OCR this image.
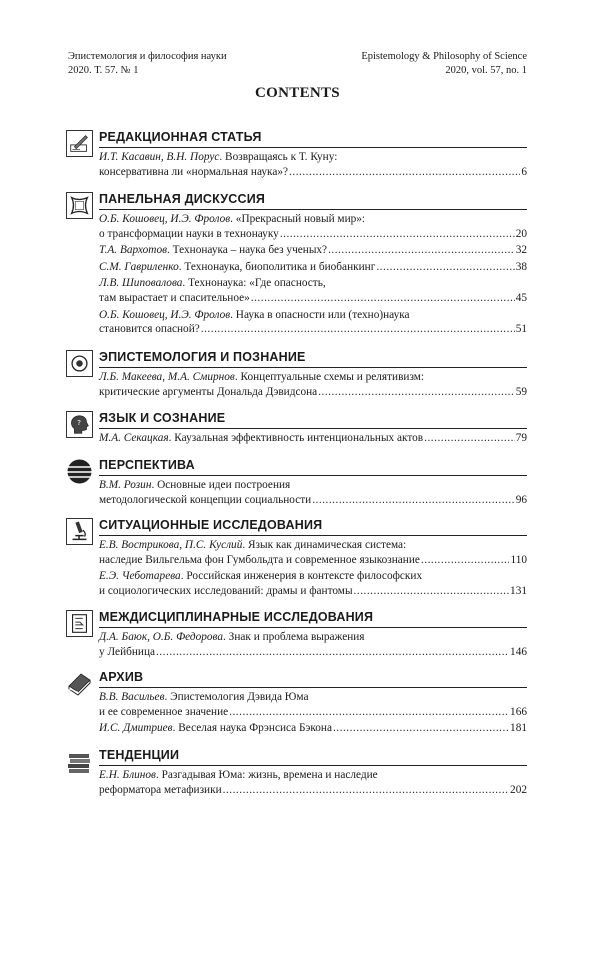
Эпистемология и философия науки
2020. Т. 57. № 1
Epistemology & Philosophy of Science
2020, vol. 57, no. 1
CONTENTS
РЕДАКЦИОННАЯ СТАТЬЯ
И.Т. Касавин, В.Н. Порус . Возвращаясь к Т. Куну:
консервативна ли «нормальная наука»? .....	6
ПАНЕЛЬНАЯ ДИСКУССИЯ
О.Б. Кошовец, И.Э. Фролов . «Прекрасный новый мир»:
о трансформации науки в технонауку .....	20
Т.А. Вархотов . Технонаука – наука без ученых? .....	32
С.М. Гавриленко . Технонаука, биополитика и биобанкинг .....	38
Л.В. Шиповалова . Технонаука: «Где опасность,
там вырастает и спасительное» .....	45
О.Б. Кошовец, И.Э. Фролов . Наука в опасности или (техно)наука
становится опасной? .....	51
ЭПИСТЕМОЛОГИЯ И ПОЗНАНИЕ
Л.Б. Макеева, М.А. Смирнов . Концептуальные схемы и релятивизм:
критические аргументы Дональда Дэвидсона .....	59
? ЯЗЫК И СОЗНАНИЕ
М.А. Секацкая . Каузальная эффективность интенциональных актов .....	79
ПЕРСПЕКТИВА
В.М. Розин . Основные идеи построения
методологической концепции социальности .....	96
СИТУАЦИОННЫЕ ИССЛЕДОВАНИЯ
Е.В. Вострикова, П.С. Куслий . Язык как динамическая система:
наследие Вильгельма фон Гумбольдта и современное языкознание .....	110
Е.Э. Чеботарева . Российская инженерия в контексте философских
и социологических исследований: драмы и фантомы .....	131
МЕЖДИСЦИПЛИНАРНЫЕ ИССЛЕДОВАНИЯ
Д.А. Баюк, О.Б. Федорова . Знак и проблема выражения
у Лейбница .....	146
АРХИВ
В.В. Васильев . Эпистемология Дэвида Юма
и ее современное значение .....	166
И.С. Дмитриев . Веселая наука Фрэнсиса Бэкона .....	181
ТЕНДЕНЦИИ
Е.Н. Блинов . Разгадывая Юма: жизнь, времена и наследие
реформатора метафизики .....	202
